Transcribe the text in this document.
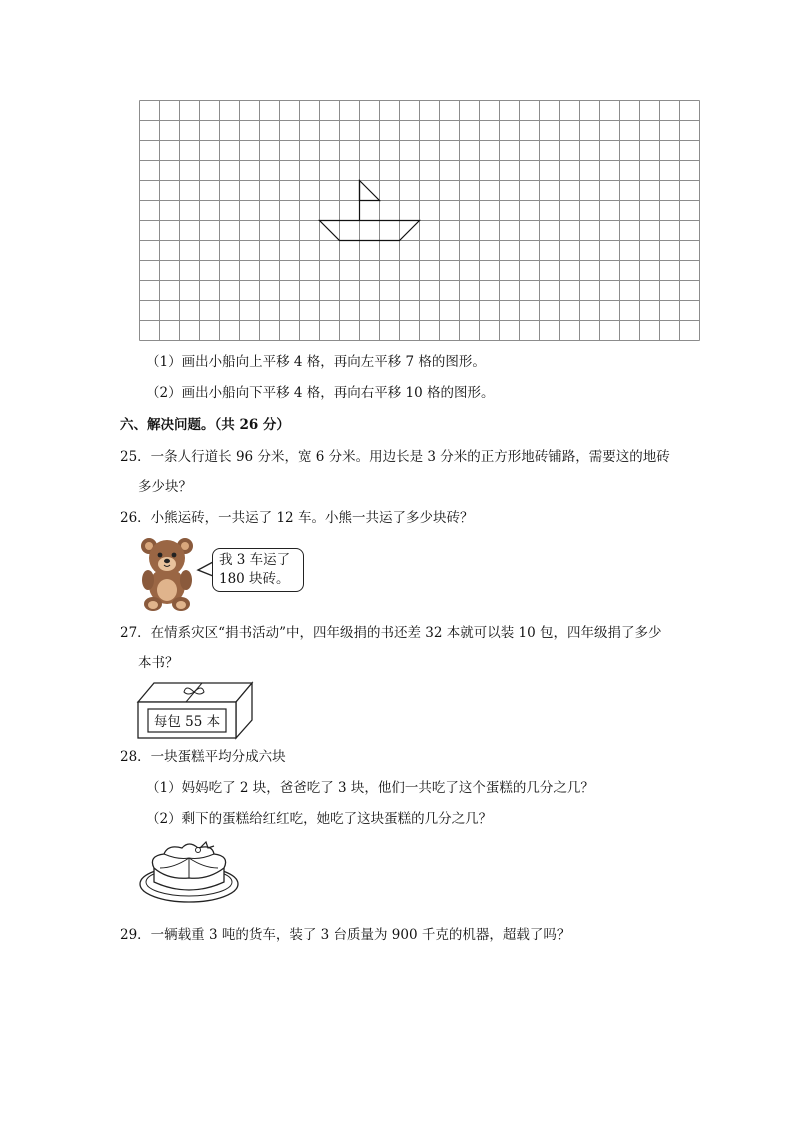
（1）画出小船向上平移 4 格，再向左平移 7 格的图形。
（2）画出小船向下平移 4 格，再向右平移 10 格的图形。
六、解决问题。（共 26 分）
25．一条人行道长 96 分米，宽 6 分米。用边长是 3 分米的正方形地砖铺路，需要这的地砖
多少块？
26．小熊运砖，一共运了 12 车。小熊一共运了多少块砖？
我 3 车运了
180 块砖。
27．在情系灾区“捐书活动”中，四年级捐的书还差 32 本就可以装 10 包，四年级捐了多少
本书？
每包 55 本
28．一块蛋糕平均分成六块
（1）妈妈吃了 2 块，爸爸吃了 3 块，他们一共吃了这个蛋糕的几分之几？
（2）剩下的蛋糕给红红吃，她吃了这块蛋糕的几分之几？
29．一辆载重 3 吨的货车，装了 3 台质量为 900 千克的机器，超载了吗？
